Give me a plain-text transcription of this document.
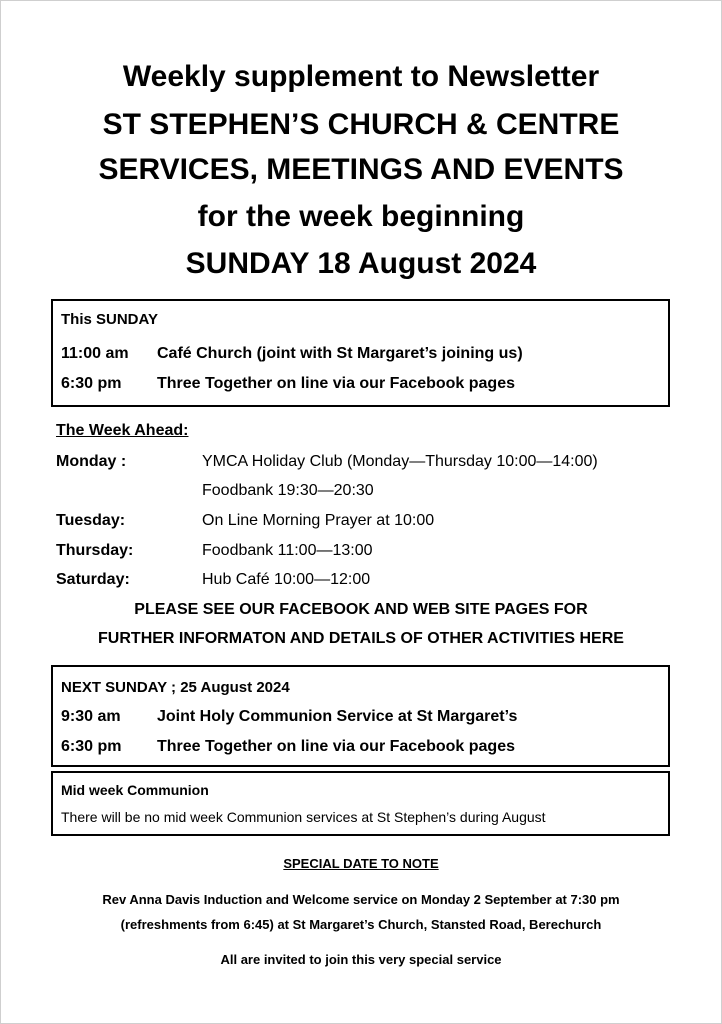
Weekly supplement to Newsletter
ST STEPHEN’S CHURCH & CENTRE
SERVICES, MEETINGS AND EVENTS
for the week beginning
SUNDAY 18 August 2024
This SUNDAY
11:00 am Café Church (joint with St Margaret’s joining us)
6:30 pm Three Together on line via our Facebook pages
The Week Ahead:
Monday :	YMCA Holiday Club (Monday—Thursday 10:00—14:00)
Foodbank 19:30—20:30
Tuesday:	On Line Morning Prayer at 10:00
Thursday:	Foodbank 11:00—13:00
Saturday:	Hub Café 10:00—12:00
PLEASE SEE OUR FACEBOOK AND WEB SITE PAGES FOR
FURTHER INFORMATON AND DETAILS OF OTHER ACTIVITIES HERE
NEXT SUNDAY ; 25 August 2024
9:30 am Joint Holy Communion Service at St Margaret’s
6:30 pm Three Together on line via our Facebook pages
Mid week Communion
There will be no mid week Communion services at St Stephen’s during August
SPECIAL DATE TO NOTE
Rev Anna Davis Induction and Welcome service on Monday 2 September at 7:30 pm
(refreshments from 6:45) at St Margaret’s Church, Stansted Road, Berechurch
All are invited to join this very special service
